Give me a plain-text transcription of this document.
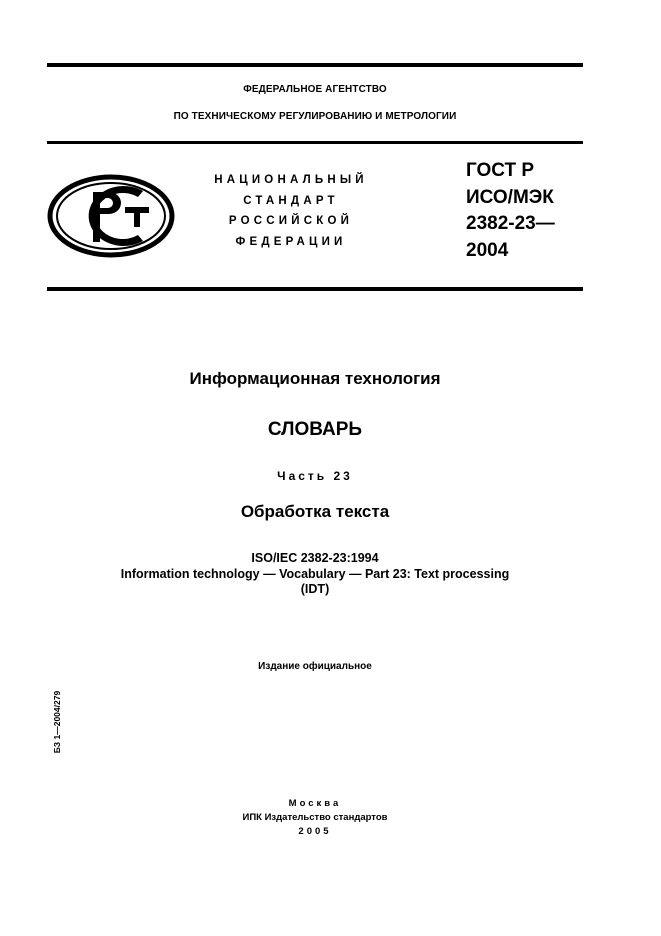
ФЕДЕРАЛЬНОЕ АГЕНТСТВО
ПО ТЕХНИЧЕСКОМУ РЕГУЛИРОВАНИЮ И МЕТРОЛОГИИ
НАЦИОНАЛЬНЫЙ
СТАНДАРТ
РОССИЙСКОЙ
ФЕДЕРАЦИИ
ГОСТ Р
ИСО/МЭК
2382-23—
2004
Информационная технология
СЛОВАРЬ
Часть 23
Обработка текста
ISO/IEC 2382-23:1994
Information technology — Vocabulary — Part 23: Text processing
(IDT)
Издание официальное
БЗ 1—2004/279
Москва
ИПК Издательство стандартов
2005
